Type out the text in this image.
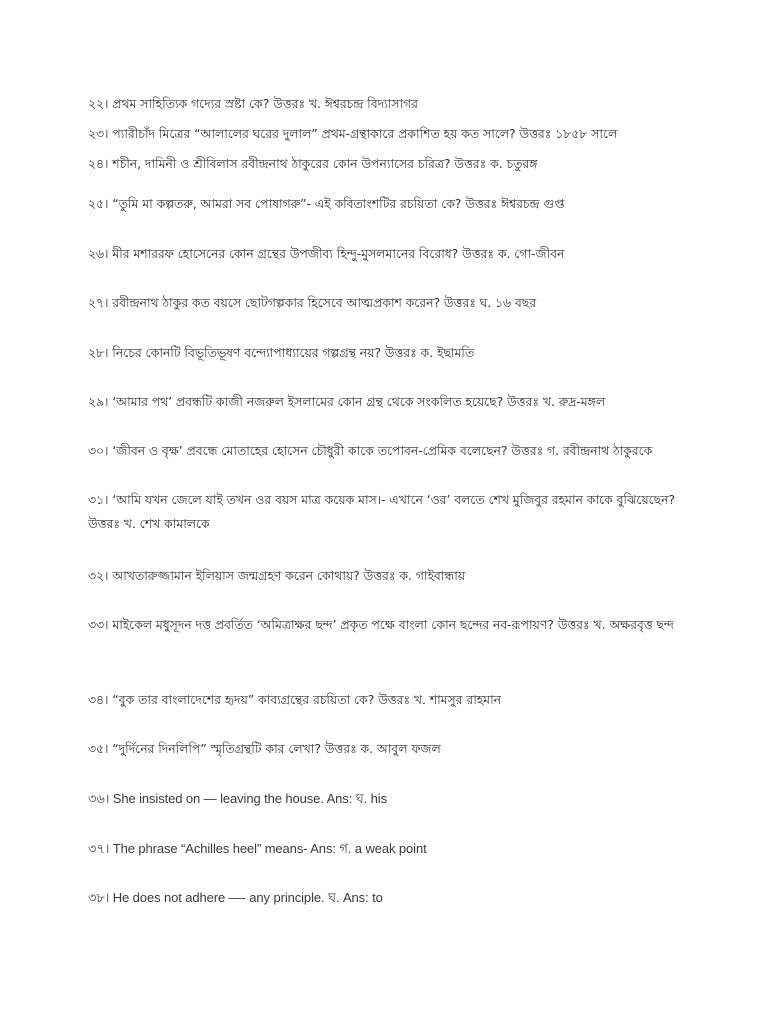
২২। প্রথম সাহিত্যিক গদ্যের স্রষ্টা কে? উত্তরঃ খ. ঈশ্বরচন্দ্র বিদ্যাসাগর
২৩। প্যারীচাঁদ মিত্রের “আলালের ঘরের দুলাল” প্রথম-গ্রন্থাকারে প্রকাশিত হয় কত সালে? উত্তরঃ ১৮৫৮ সালে
২৪। শচীন, দামিনী ও শ্রীবিলাস রবীন্দ্রনাথ ঠাকুরের কোন উপন্যাসের চরিত্র? উত্তরঃ ক. চতুরঙ্গ
২৫। “তুমি মা কল্পতরু, আমরা সব পোষাগরু”- এই কবিতাংশটির রচয়িতা কে? উত্তরঃ ঈশ্বরচন্দ্র গুপ্ত
২৬। মীর মশাররফ হোসেনের কোন গ্রন্থের উপজীব্য হিন্দু-মুসলমানের বিরোধ? উত্তরঃ ক. গো-জীবন
২৭। রবীন্দ্রনাথ ঠাকুর কত বয়সে ছোটগল্পকার হিসেবে আত্মপ্রকাশ করেন? উত্তরঃ ঘ. ১৬ বছর
২৮। নিচের কোনটি বিভূতিভূষণ বন্দ্যোপাধ্যায়ের গল্পগ্রন্থ নয়? উত্তরঃ ক. ইছামতি
২৯। ‘আমার পথ’ প্রবন্ধটি কাজী নজরুল ইসলামের কোন গ্রন্থ থেকে সংকলিত হয়েছে? উত্তরঃ খ. রুদ্র-মঙ্গল
৩০। ‘জীবন ও বৃক্ষ’ প্রবন্ধে মোতাহের হোসেন চৌধুরী কাকে তপোবন-প্রেমিক বলেছেন? উত্তরঃ গ. রবীন্দ্রনাথ ঠাকুরকে
৩১। ‘আমি যখন জেলে যাই তখন ওর বয়স মাত্র কয়েক মাস।- এখানে ‘ওর’ বলতে শেখ মুজিবুর রহমান কাকে বুঝিয়েছেন? উত্তরঃ খ. শেখ কামালকে
৩২। আখতারুজ্জামান ইলিয়াস জন্মগ্রহণ করেন কোথায়? উত্তরঃ ক. গাইবান্ধায়
৩৩। মাইকেল মধুসূদন দত্ত প্রবর্তিত ‘অমিত্রাক্ষর ছন্দ’ প্রকৃত পক্ষে বাংলা কোন ছন্দের নব-রূপায়ণ? উত্তরঃ খ. অক্ষরবৃত্ত ছন্দ
৩৪। “বুক তার বাংলাদেশের হৃদয়” কাব্যগ্রন্থের রচয়িতা কে? উত্তরঃ খ. শামসুর রাহমান
৩৫। “দুর্দিনের দিনলিপি” স্মৃতিগ্রন্থটি কার লেখা? উত্তরঃ ক. আবুল ফজল
৩৬। She insisted on — leaving the house. Ans: ঘ. his
৩৭। The phrase “Achilles heel” means- Ans: গ. a weak point
৩৮। He does not adhere —- any principle. ঘ. Ans: to
